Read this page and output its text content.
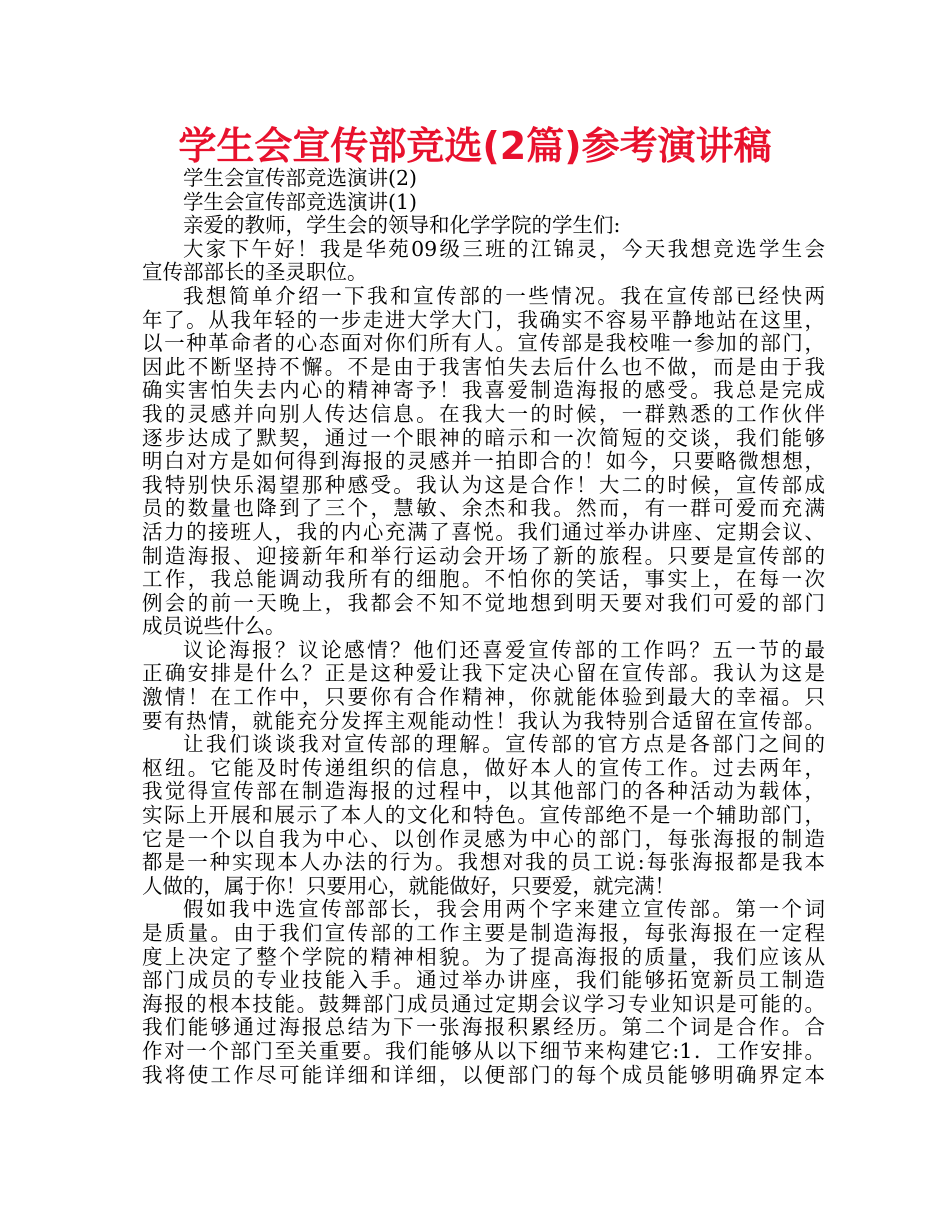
学生会宣传部竞选(2篇)参考演讲稿
学生会宣传部竞选演讲(2)
学生会宣传部竞选演讲(1)
亲爱的教师，学生会的领导和化学学院的学生们:
大家下午好！我是华苑09级三班的江锦灵，今天我想竞选学生会
宣传部部长的圣灵职位。
我想简单介绍一下我和宣传部的一些情况。我在宣传部已经快两
年了。从我年轻的一步走进大学大门，我确实不容易平静地站在这里，
以一种革命者的心态面对你们所有人。宣传部是我校唯一参加的部门，
因此不断坚持不懈。不是由于我害怕失去后什么也不做，而是由于我
确实害怕失去内心的精神寄予！我喜爱制造海报的感受。我总是完成
我的灵感并向别人传达信息。在我大一的时候，一群熟悉的工作伙伴
逐步达成了默契，通过一个眼神的暗示和一次简短的交谈，我们能够
明白对方是如何得到海报的灵感并一拍即合的！如今，只要略微想想，
我特别快乐渴望那种感受。我认为这是合作！大二的时候，宣传部成
员的数量也降到了三个，慧敏、余杰和我。然而，有一群可爱而充满
活力的接班人，我的内心充满了喜悦。我们通过举办讲座、定期会议、
制造海报、迎接新年和举行运动会开场了新的旅程。只要是宣传部的
工作，我总能调动我所有的细胞。不怕你的笑话，事实上，在每一次
例会的前一天晚上，我都会不知不觉地想到明天要对我们可爱的部门
成员说些什么。
议论海报？议论感情？他们还喜爱宣传部的工作吗？五一节的最
正确安排是什么？正是这种爱让我下定决心留在宣传部。我认为这是
激情！在工作中，只要你有合作精神，你就能体验到最大的幸福。只
要有热情，就能充分发挥主观能动性！我认为我特别合适留在宣传部。
让我们谈谈我对宣传部的理解。宣传部的官方点是各部门之间的
枢纽。它能及时传递组织的信息，做好本人的宣传工作。过去两年，
我觉得宣传部在制造海报的过程中，以其他部门的各种活动为载体，
实际上开展和展示了本人的文化和特色。宣传部绝不是一个辅助部门，
它是一个以自我为中心、以创作灵感为中心的部门，每张海报的制造
都是一种实现本人办法的行为。我想对我的员工说:每张海报都是我本
人做的，属于你！只要用心，就能做好，只要爱，就完满！
假如我中选宣传部部长，我会用两个字来建立宣传部。第一个词
是质量。由于我们宣传部的工作主要是制造海报，每张海报在一定程
度上决定了整个学院的精神相貌。为了提高海报的质量，我们应该从
部门成员的专业技能入手。通过举办讲座，我们能够拓宽新员工制造
海报的根本技能。鼓舞部门成员通过定期会议学习专业知识是可能的。
我们能够通过海报总结为下一张海报积累经历。第二个词是合作。合
作对一个部门至关重要。我们能够从以下细节来构建它:1．工作安排。
我将使工作尽可能详细和详细，以便部门的每个成员能够明确界定本
